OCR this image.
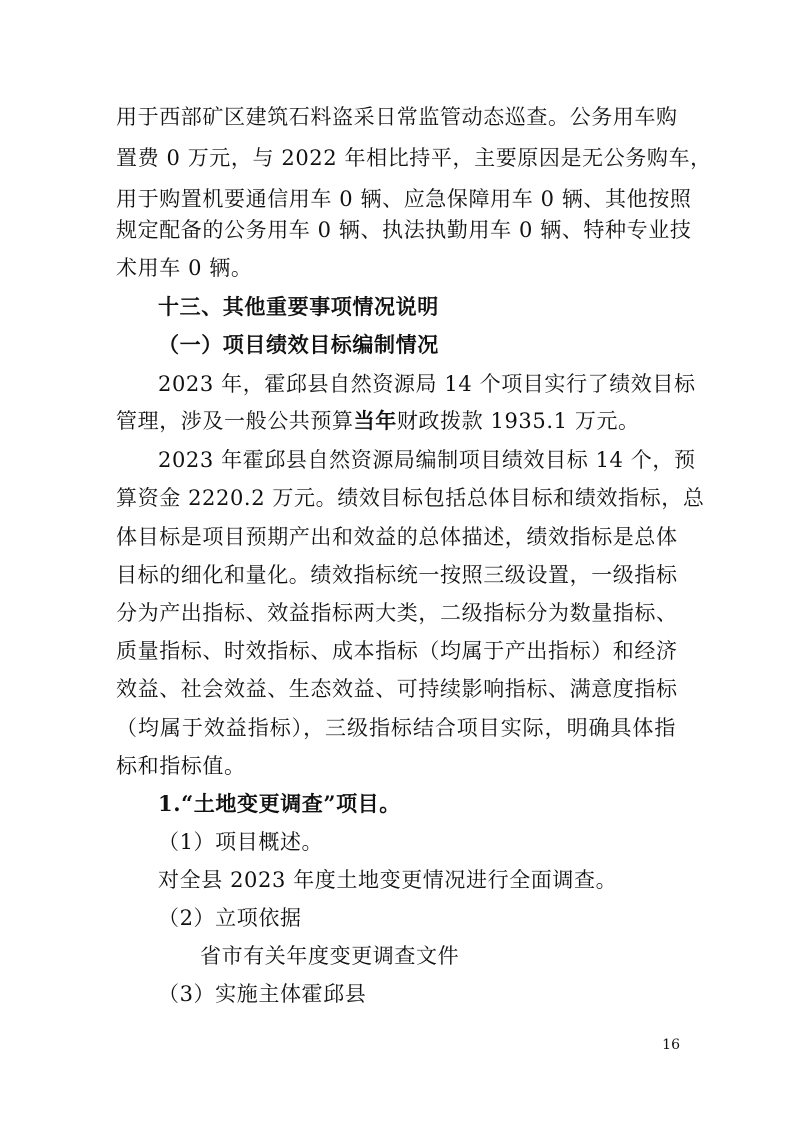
用于西部矿区建筑石料盗采日常监管动态巡查。公务用车购
置费 0 万元，与 2022 年相比持平，主要原因是无公务购车，
用于购置机要通信用车 0 辆、应急保障用车 0 辆、其他按照
规定配备的公务用车 0 辆、执法执勤用车 0 辆、特种专业技
术用车 0 辆。
十三、其他重要事项情况说明
（一）项目绩效目标编制情况
2023 年，霍邱县自然资源局 14 个项目实行了绩效目标
管理，涉及一般公共预算当年财政拨款 1935.1 万元。
2023 年霍邱县自然资源局编制项目绩效目标 14 个，预
算资金 2220.2 万元。绩效目标包括总体目标和绩效指标，总
体目标是项目预期产出和效益的总体描述，绩效指标是总体
目标的细化和量化。绩效指标统一按照三级设置，一级指标
分为产出指标、效益指标两大类，二级指标分为数量指标、
质量指标、时效指标、成本指标（均属于产出指标）和经济
效益、社会效益、生态效益、可持续影响指标、满意度指标
（均属于效益指标），三级指标结合项目实际，明确具体指
标和指标值。
1.“土地变更调查”项目。
（1）项目概述。
对全县 2023 年度土地变更情况进行全面调查。
（2）立项依据
省市有关年度变更调查文件
（3）实施主体霍邱县
16
